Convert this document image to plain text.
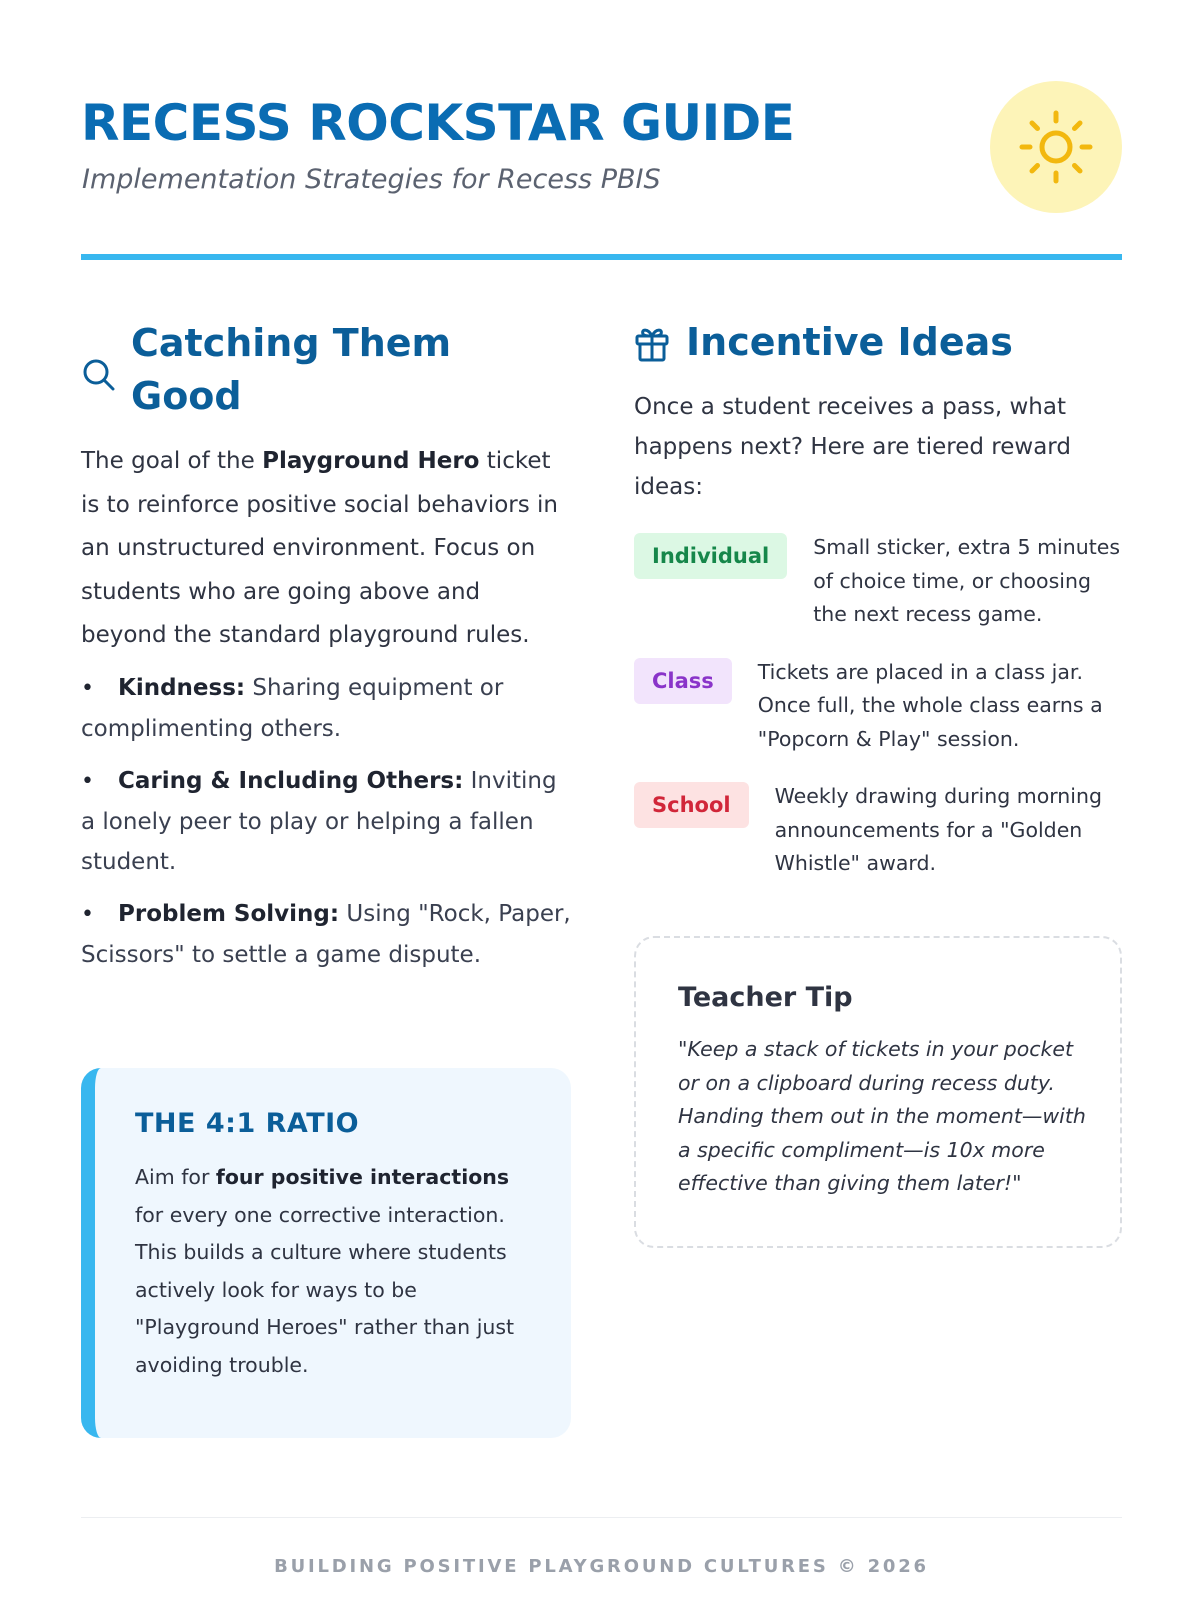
RECESS ROCKSTAR GUIDE
Implementation Strategies for Recess PBIS
Catching Them Good

The goal of the Playground Hero ticket is to reinforce positive social behaviors in an unstructured environment. Focus on students who are going above and beyond the standard playground rules.

• Kindness: Sharing equipment or complimenting others.
• Caring & Including Others: Inviting a lonely peer to play or helping a fallen student.
• Problem Solving: Using "Rock, Paper, Scissors" to settle a game dispute.
THE 4:1 RATIO

Aim for four positive interactions for every one corrective interaction. This builds a culture where students actively look for ways to be "Playground Heroes" rather than just avoiding trouble.

Incentive Ideas

Once a student receives a pass, what happens next? Here are tiered reward ideas:

Individual	Small sticker, extra 5 minutes of choice time, or choosing the next recess game.

Class	Tickets are placed in a class jar. Once full, the whole class earns a "Popcorn & Play" session.

School	Weekly drawing during morning announcements for a "Golden Whistle" award.

Teacher Tip

"Keep a stack of tickets in your pocket or on a clipboard during recess duty. Handing them out in the moment—with a specific compliment—is 10x more effective than giving them later!"

BUILDING POSITIVE PLAYGROUND CULTURES © 2026
